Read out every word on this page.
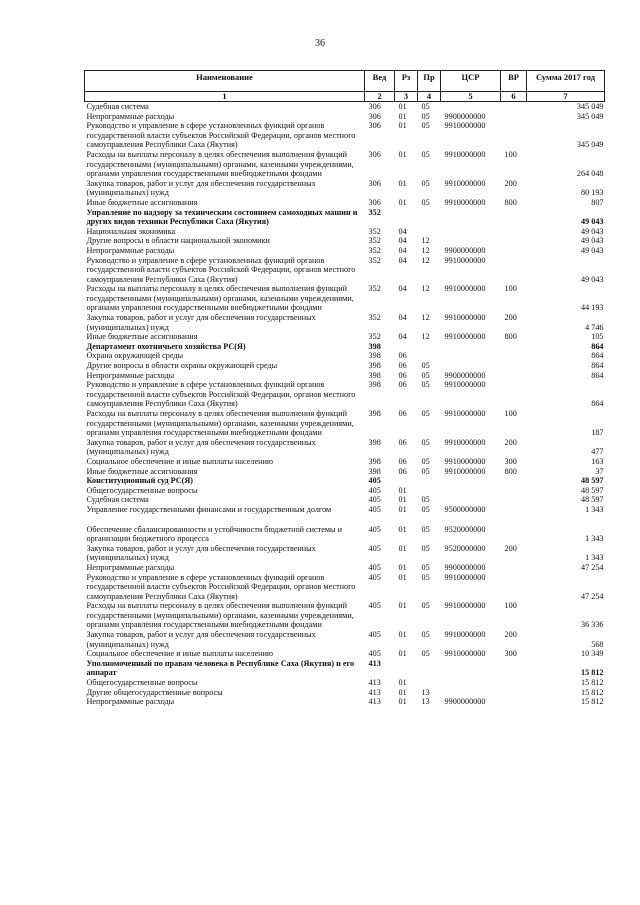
36
Наименование	Вед	Рз	Пр	ЦСР	ВР	Сумма 2017 год
1	2	3	4	5	6	7
Судебная система	306	01	05			345 049
Непрограммные расходы	306	01	05	9900000000		345 049
Руководство и управление в сфере установленных функций органов государственной власти субъектов Российской Федерации, органов местного самоуправления Республики Саха (Якутия)	306	01	05	9910000000		345 049
Расходы на выплаты персоналу в целях обеспечения выполнения функций государственными (муниципальными) органами, казенными учреждениями, органами управления государственными внебюджетными фондами	306	01	05	9910000000	100	264 048
Закупка товаров, работ и услуг для обеспечения государственных (муниципальных) нужд	306	01	05	9910000000	200	80 193
Иные бюджетные ассигнования	306	01	05	9910000000	800	807
Управление по надзору за техническим состоянием самоходных машин и других видов техники Республики Саха (Якутия)	352					49 043
Национальная экономика	352	04				49 043
Другие вопросы в области национальной экономики	352	04	12			49 043
Непрограммные расходы	352	04	12	9900000000		49 043
Руководство и управление в сфере установленных функций органов государственной власти субъектов Российской Федерации, органов местного самоуправления Республики Саха (Якутия)	352	04	12	9910000000		49 043
Расходы на выплаты персоналу в целях обеспечения выполнения функций государственными (муниципальными) органами, казенными учреждениями, органами управления государственными внебюджетными фондами	352	04	12	9910000000	100	44 193
Закупка товаров, работ и услуг для обеспечения государственных (муниципальных) нужд	352	04	12	9910000000	200	4 746
Иные бюджетные ассигнования	352	04	12	9910000000	800	105
Департамент охотничьего хозяйства РС(Я)	398					864
Охрана окружающей среды	398	06				864
Другие вопросы в области охраны окружающей среды	398	06	05			864
Непрограммные расходы	398	06	05	9900000000		864
Руководство и управление в сфере установленных функций органов государственной власти субъектов Российской Федерации, органов местного самоуправления Республики Саха (Якутия)	398	06	05	9910000000		864
Расходы на выплаты персоналу в целях обеспечения выполнения функций государственными (муниципальными) органами, казенными учреждениями, органами управления государственными внебюджетными фондами	398	06	05	9910000000	100	187
Закупка товаров, работ и услуг для обеспечения государственных (муниципальных) нужд	398	06	05	9910000000	200	477
Социальное обеспечение и иные выплаты населению	398	06	05	9910000000	300	163
Иные бюджетные ассигнования	398	06	05	9910000000	800	37
Конституционный суд РС(Я)	405					48 597
Общегосударственные вопросы	405	01				48 597
Судебная система	405	01	05			48 597
Управление государственными финансами и государственным долгом	405	01	05	9500000000		1 343
Обеспечение сбалансированности и устойчивости бюджетной системы и организации бюджетного процесса	405	01	05	9520000000		1 343
Закупка товаров, работ и услуг для обеспечения государственных (муниципальных) нужд	405	01	05	9520000000	200	1 343
Непрограммные расходы	405	01	05	9900000000		47 254
Руководство и управление в сфере установленных функций органов государственной власти субъектов Российской Федерации, органов местного самоуправления Республики Саха (Якутия)	405	01	05	9910000000		47 254
Расходы на выплаты персоналу в целях обеспечения выполнения функций государственными (муниципальными) органами, казенными учреждениями, органами управления государственными внебюджетными фондами	405	01	05	9910000000	100	36 336
Закупка товаров, работ и услуг для обеспечения государственных (муниципальных) нужд	405	01	05	9910000000	200	568
Социальное обеспечение и иные выплаты населению	405	01	05	9910000000	300	10 349
Уполномоченный по правам человека в Республике Саха (Якутия) и его аппарат	413					15 812
Общегосударственные вопросы	413	01				15 812
Другие общегосударственные вопросы	413	01	13			15 812
Непрограммные расходы	413	01	13	9900000000		15 812
